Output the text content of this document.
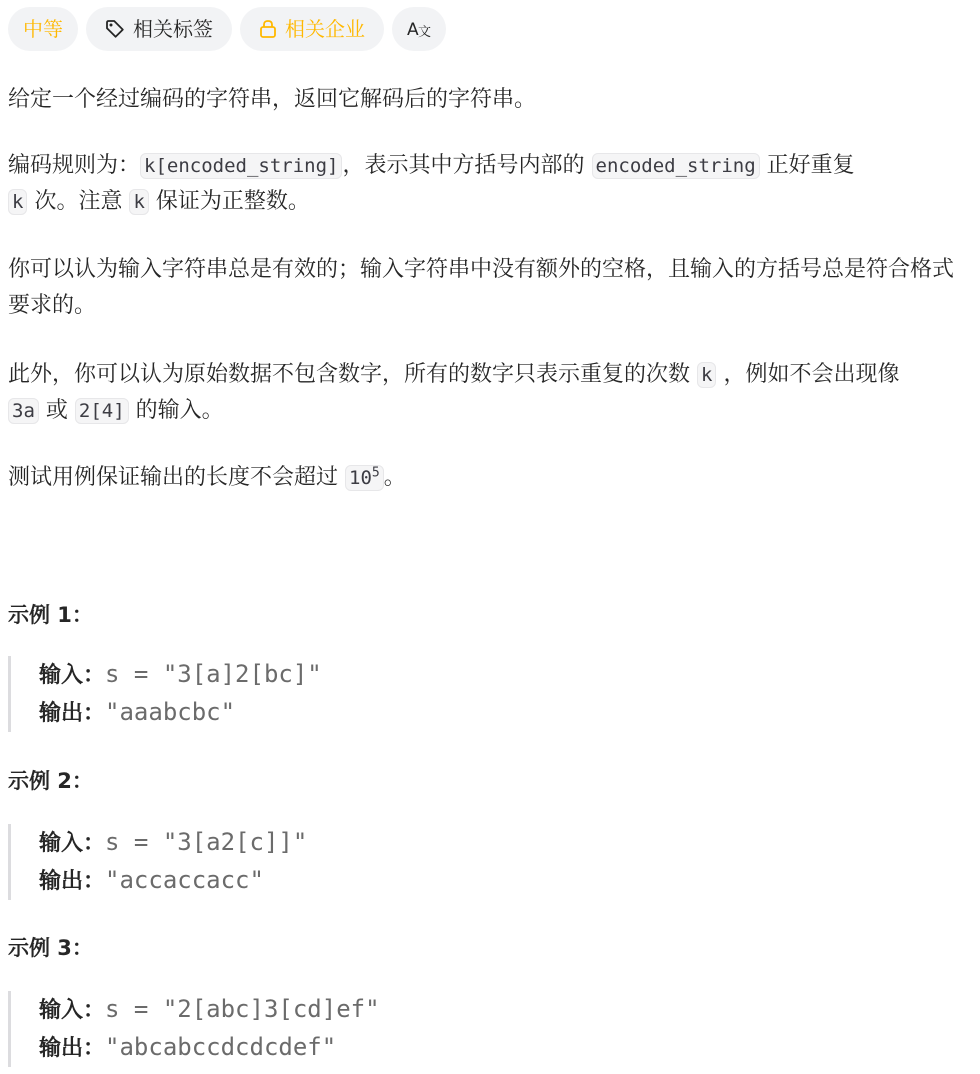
中等	相关标签	相关企业 A 文

给定一个经过编码的字符串，返回它解码后的字符串。

编码规则为： k[encoded_string] ，表示其中方括号内部的 encoded_string 正好重复
k 次。注意 k 保证为正整数。

你可以认为输入字符串总是有效的；输入字符串中没有额外的空格，且输入的方括号总是符合格式要求的。

此外，你可以认为原始数据不包含数字，所有的数字只表示重复的次数 k ，例如不会出现像
3a 或 2[4] 的输入。

测试用例保证输出的长度不会超过 $10^5$ 。

示例 1：
输入：s = "3[a]2[bc]"
输出："aaabcbc"
示例 2：
输入：s = "3[a2[c]]"
输出："accaccacc"
示例 3：
输入：s = "2[abc]3[cd]ef"
输出："abcabccdcdcdef"
